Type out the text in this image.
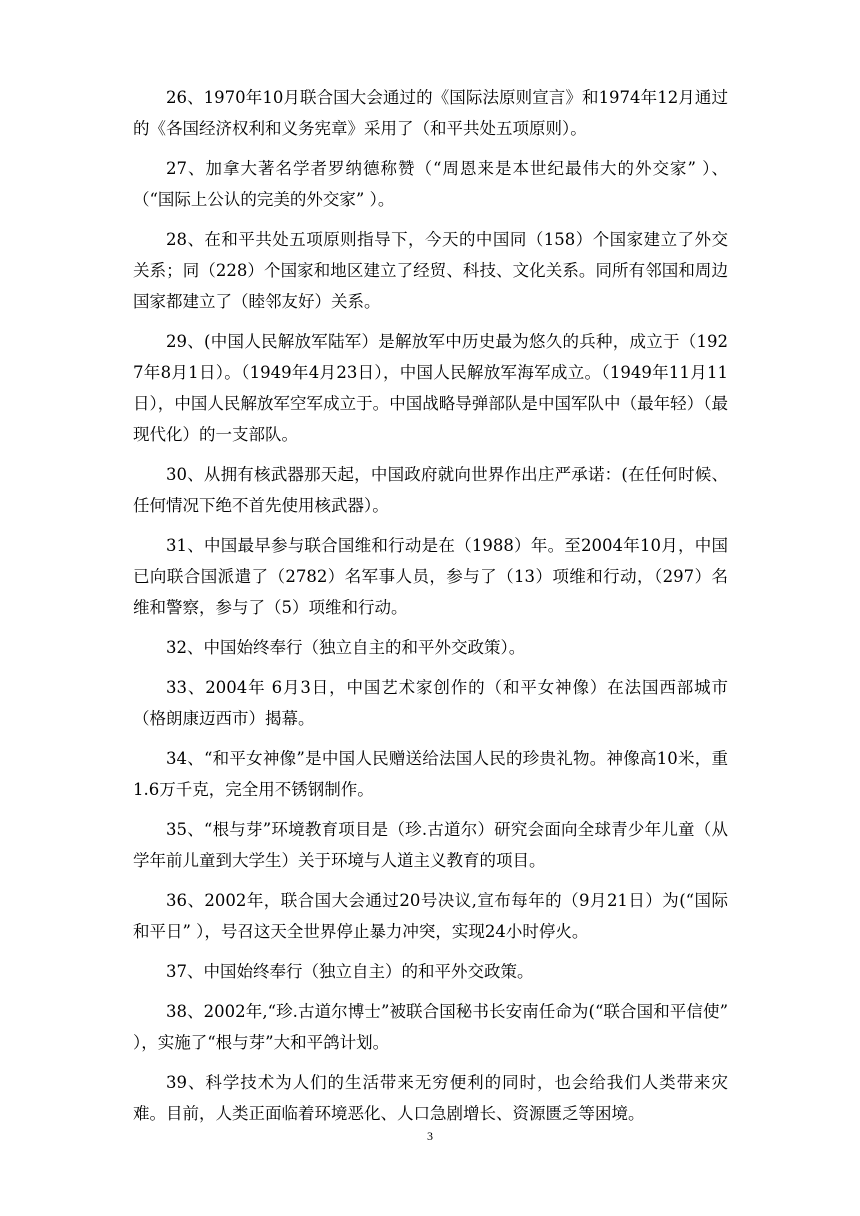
26、1970年10月联合国大会通过的《国际法原则宣言》和1974年12月通过的《各国经济权利和义务宪章》采用了（和平共处五项原则）。

27、加拿大著名学者罗纳德称赞（“周恩来是本世纪最伟大的外交家” ）、（“国际上公认的完美的外交家” ）。

28、在和平共处五项原则指导下，今天的中国同（158）个国家建立了外交关系；同（228）个国家和地区建立了经贸、科技、文化关系。同所有邻国和周边国家都建立了（睦邻友好）关系。

29、(中国人民解放军陆军）是解放军中历史最为悠久的兵种，成立于（1927年8月1日）。（1949年4月23日），中国人民解放军海军成立。（1949年11月11日），中国人民解放军空军成立于。中国战略导弹部队是中国军队中（最年轻）（最现代化）的一支部队。

30、从拥有核武器那天起，中国政府就向世界作出庄严承诺：(在任何时候、任何情况下绝不首先使用核武器）。

31、中国最早参与联合国维和行动是在（1988）年。至2004年10月，中国已向联合国派遣了（2782）名军事人员，参与了（13）项维和行动，（297）名维和警察，参与了（5）项维和行动。

32、中国始终奉行（独立自主的和平外交政策）。

33、2004年 6月3日，中国艺术家创作的（和平女神像）在法国西部城市（格朗康迈西市）揭幕。

34、“和平女神像”是中国人民赠送给法国人民的珍贵礼物。神像高10米，重1.6万千克，完全用不锈钢制作。

35、“根与芽”环境教育项目是（珍.古道尔）研究会面向全球青少年儿童（从学年前儿童到大学生）关于环境与人道主义教育的项目。

36、2002年，联合国大会通过20号决议,宣布每年的（9月21日）为(“国际和平日” ），号召这天全世界停止暴力冲突，实现24小时停火。

37、中国始终奉行（独立自主）的和平外交政策。

38、2002年,“珍.古道尔博士”被联合国秘书长安南任命为(“联合国和平信使” ），实施了“根与芽”大和平鸽计划。

39、科学技术为人们的生活带来无穷便利的同时，也会给我们人类带来灾难。目前，人类正面临着环境恶化、人口急剧增长、资源匮乏等困境。

3
